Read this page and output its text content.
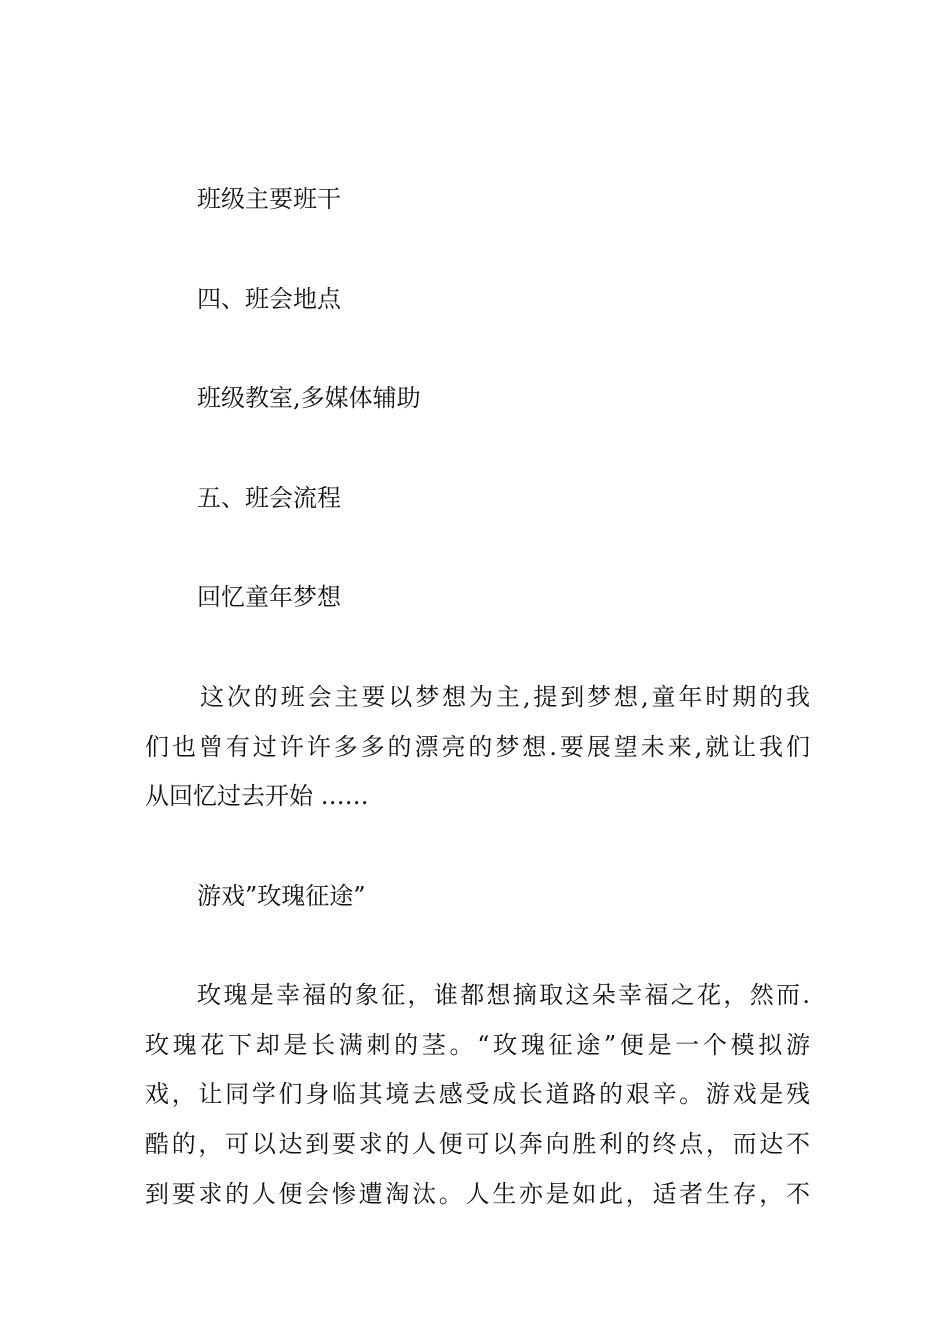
班级主要班干
四、班会地点
班级教室,多媒体辅助
五、班会流程
回忆童年梦想
这次的班会主要以梦想为主,提到梦想,童年时期的我
们也曾有过许许多多的漂亮的梦想.要展望未来,就让我们
从回忆过去开始 ……
游戏”玫瑰征途”
玫瑰是幸福的象征，谁都想摘取这朵幸福之花，然而.
玫瑰花下却是长满刺的茎。“玫瑰征途”便是一个模拟游
戏，让同学们身临其境去感受成长道路的艰辛。游戏是残
酷的，可以达到要求的人便可以奔向胜利的终点，而达不
到要求的人便会惨遭淘汰。人生亦是如此，适者生存，不
